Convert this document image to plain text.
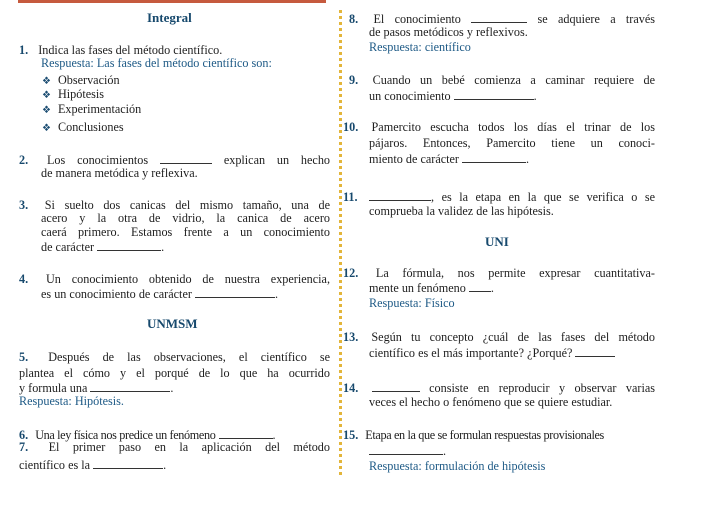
Integral
1. Indica las fases del método científico.
Respuesta: Las fases del método científico son:
❖ Observación
❖ Hipótesis
❖ Experimentación
❖ Conclusiones
2. Los conocimientos	explican un hecho
de manera metódica y reflexiva.
3. Si suelto dos canicas del mismo tamaño, una de
acero y la otra de vidrio, la canica de acero
caerá primero. Estamos frente a un conocimiento
de carácter	.
4. Un conocimiento obtenido de nuestra experiencia,
es un conocimiento de carácter	.
UNMSM
5. Después de las observaciones, el científico se
plantea el cómo y el porqué de lo que ha ocurrido
y formula una	.
Respuesta: Hipótesis.
6. Una ley física nos predice un fenómeno	.
7. El primer paso en la aplicación del método
científico es la	.
8. El conocimiento	se adquiere a través
de pasos metódicos y reflexivos.
Respuesta: científico
9. Cuando un bebé comienza a caminar requiere de
un conocimiento	.
10. Pamercito escucha todos los días el trinar de los
pájaros. Entonces, Pamercito tiene un conoci-
miento de carácter	.
11.	, es la etapa en la que se verifica o se
comprueba la validez de las hipótesis.
UNI
12. La fórmula, nos permite expresar cuantitativa-
mente un fenómeno .
Respuesta: Físico
13. Según tu concepto ¿cuál de las fases del método
científico es el más importante? ¿Porqué?
14.	consiste en reproducir y observar varias
veces el hecho o fenómeno que se quiere estudiar.
15. Etapa en la que se formulan respuestas provisionales
.
Respuesta: formulación de hipótesis
